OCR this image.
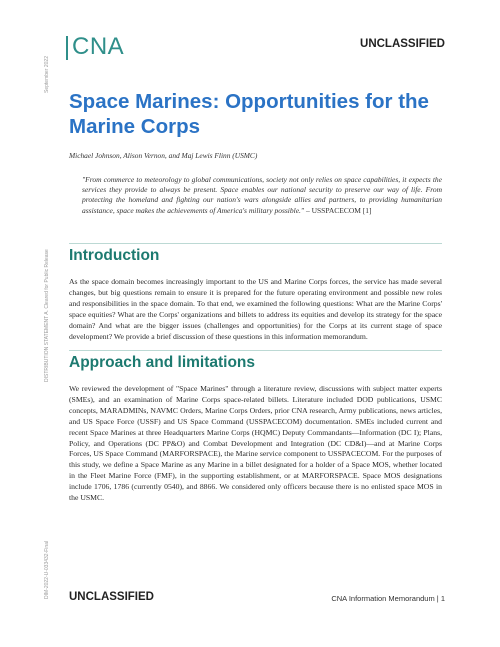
September 2022
DISTRIBUTION STATEMENT A. Cleared for Public Release
DIM-2022-U-033432-Final
CNA	UNCLASSIFIED
Space Marines: Opportunities for the Marine Corps
Michael Johnson, Alison Vernon, and Maj Lewis Flinn (USMC)
"From commerce to meteorology to global communications, society not only relies on space capabilities, it expects the services they provide to always be present. Space enables our national security to preserve our way of life. From protecting the homeland and fighting our nation's wars alongside allies and partners, to providing humanitarian assistance, space makes the achievements of America's military possible." – USSPACECOM [1]
Introduction
As the space domain becomes increasingly important to the US and Marine Corps forces, the service has made several changes, but big questions remain to ensure it is prepared for the future operating environment and possible new roles and responsibilities in the space domain. To that end, we examined the following questions: What are the Marine Corps' space equities? What are the Corps' organizations and billets to address its equities and develop its strategy for the space domain? And what are the bigger issues (challenges and opportunities) for the Corps at its current stage of space development? We provide a brief discussion of these questions in this information memorandum.
Approach and limitations
We reviewed the development of "Space Marines" through a literature review, discussions with subject matter experts (SMEs), and an examination of Marine Corps space-related billets. Literature included DOD publications, USMC concepts, MARADMINs, NAVMC Orders, Marine Corps Orders, prior CNA research, Army publications, news articles, and US Space Force (USSF) and US Space Command (USSPACECOM) documentation. SMEs included current and recent Space Marines at three Headquarters Marine Corps (HQMC) Deputy Commandants—Information (DC I); Plans, Policy, and Operations (DC PP&O) and Combat Development and Integration (DC CD&I)—and at Marine Corps Forces, US Space Command (MARFORSPACE), the Marine service component to USSPACECOM. For the purposes of this study, we define a Space Marine as any Marine in a billet designated for a holder of a Space MOS, whether located in the Fleet Marine Force (FMF), in the supporting establishment, or at MARFORSPACE. Space MOS designations include 1706, 1786 (currently 0540), and 8866. We considered only officers because there is no enlisted space MOS in the USMC.
UNCLASSIFIED	CNA Information Memorandum | 1
